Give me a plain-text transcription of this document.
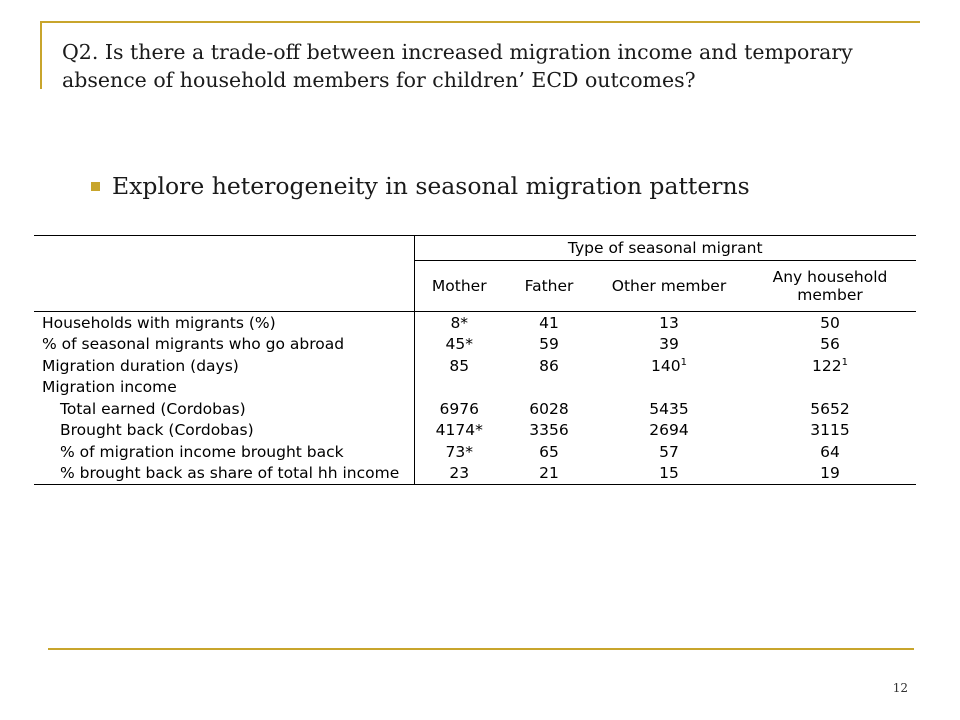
Q2. Is there a trade-off between increased migration income and temporary absence of household members for children’ ECD outcomes?
Explore heterogeneity in seasonal migration patterns
	Type of seasonal migrant			
	Mother	Father	Other member	Any household member
Households with migrants (%)	8*	41	13	50
% of seasonal migrants who go abroad	45*	59	39	56
Migration duration (days)	85	86	$140^1$	$122^1$
Migration income				
Total earned (Cordobas)	6976	6028	5435	5652
Brought back (Cordobas)	4174*	3356	2694	3115
% of migration income brought back	73*	65	57	64
% brought back as share of total hh income	23	21	15	19
12
